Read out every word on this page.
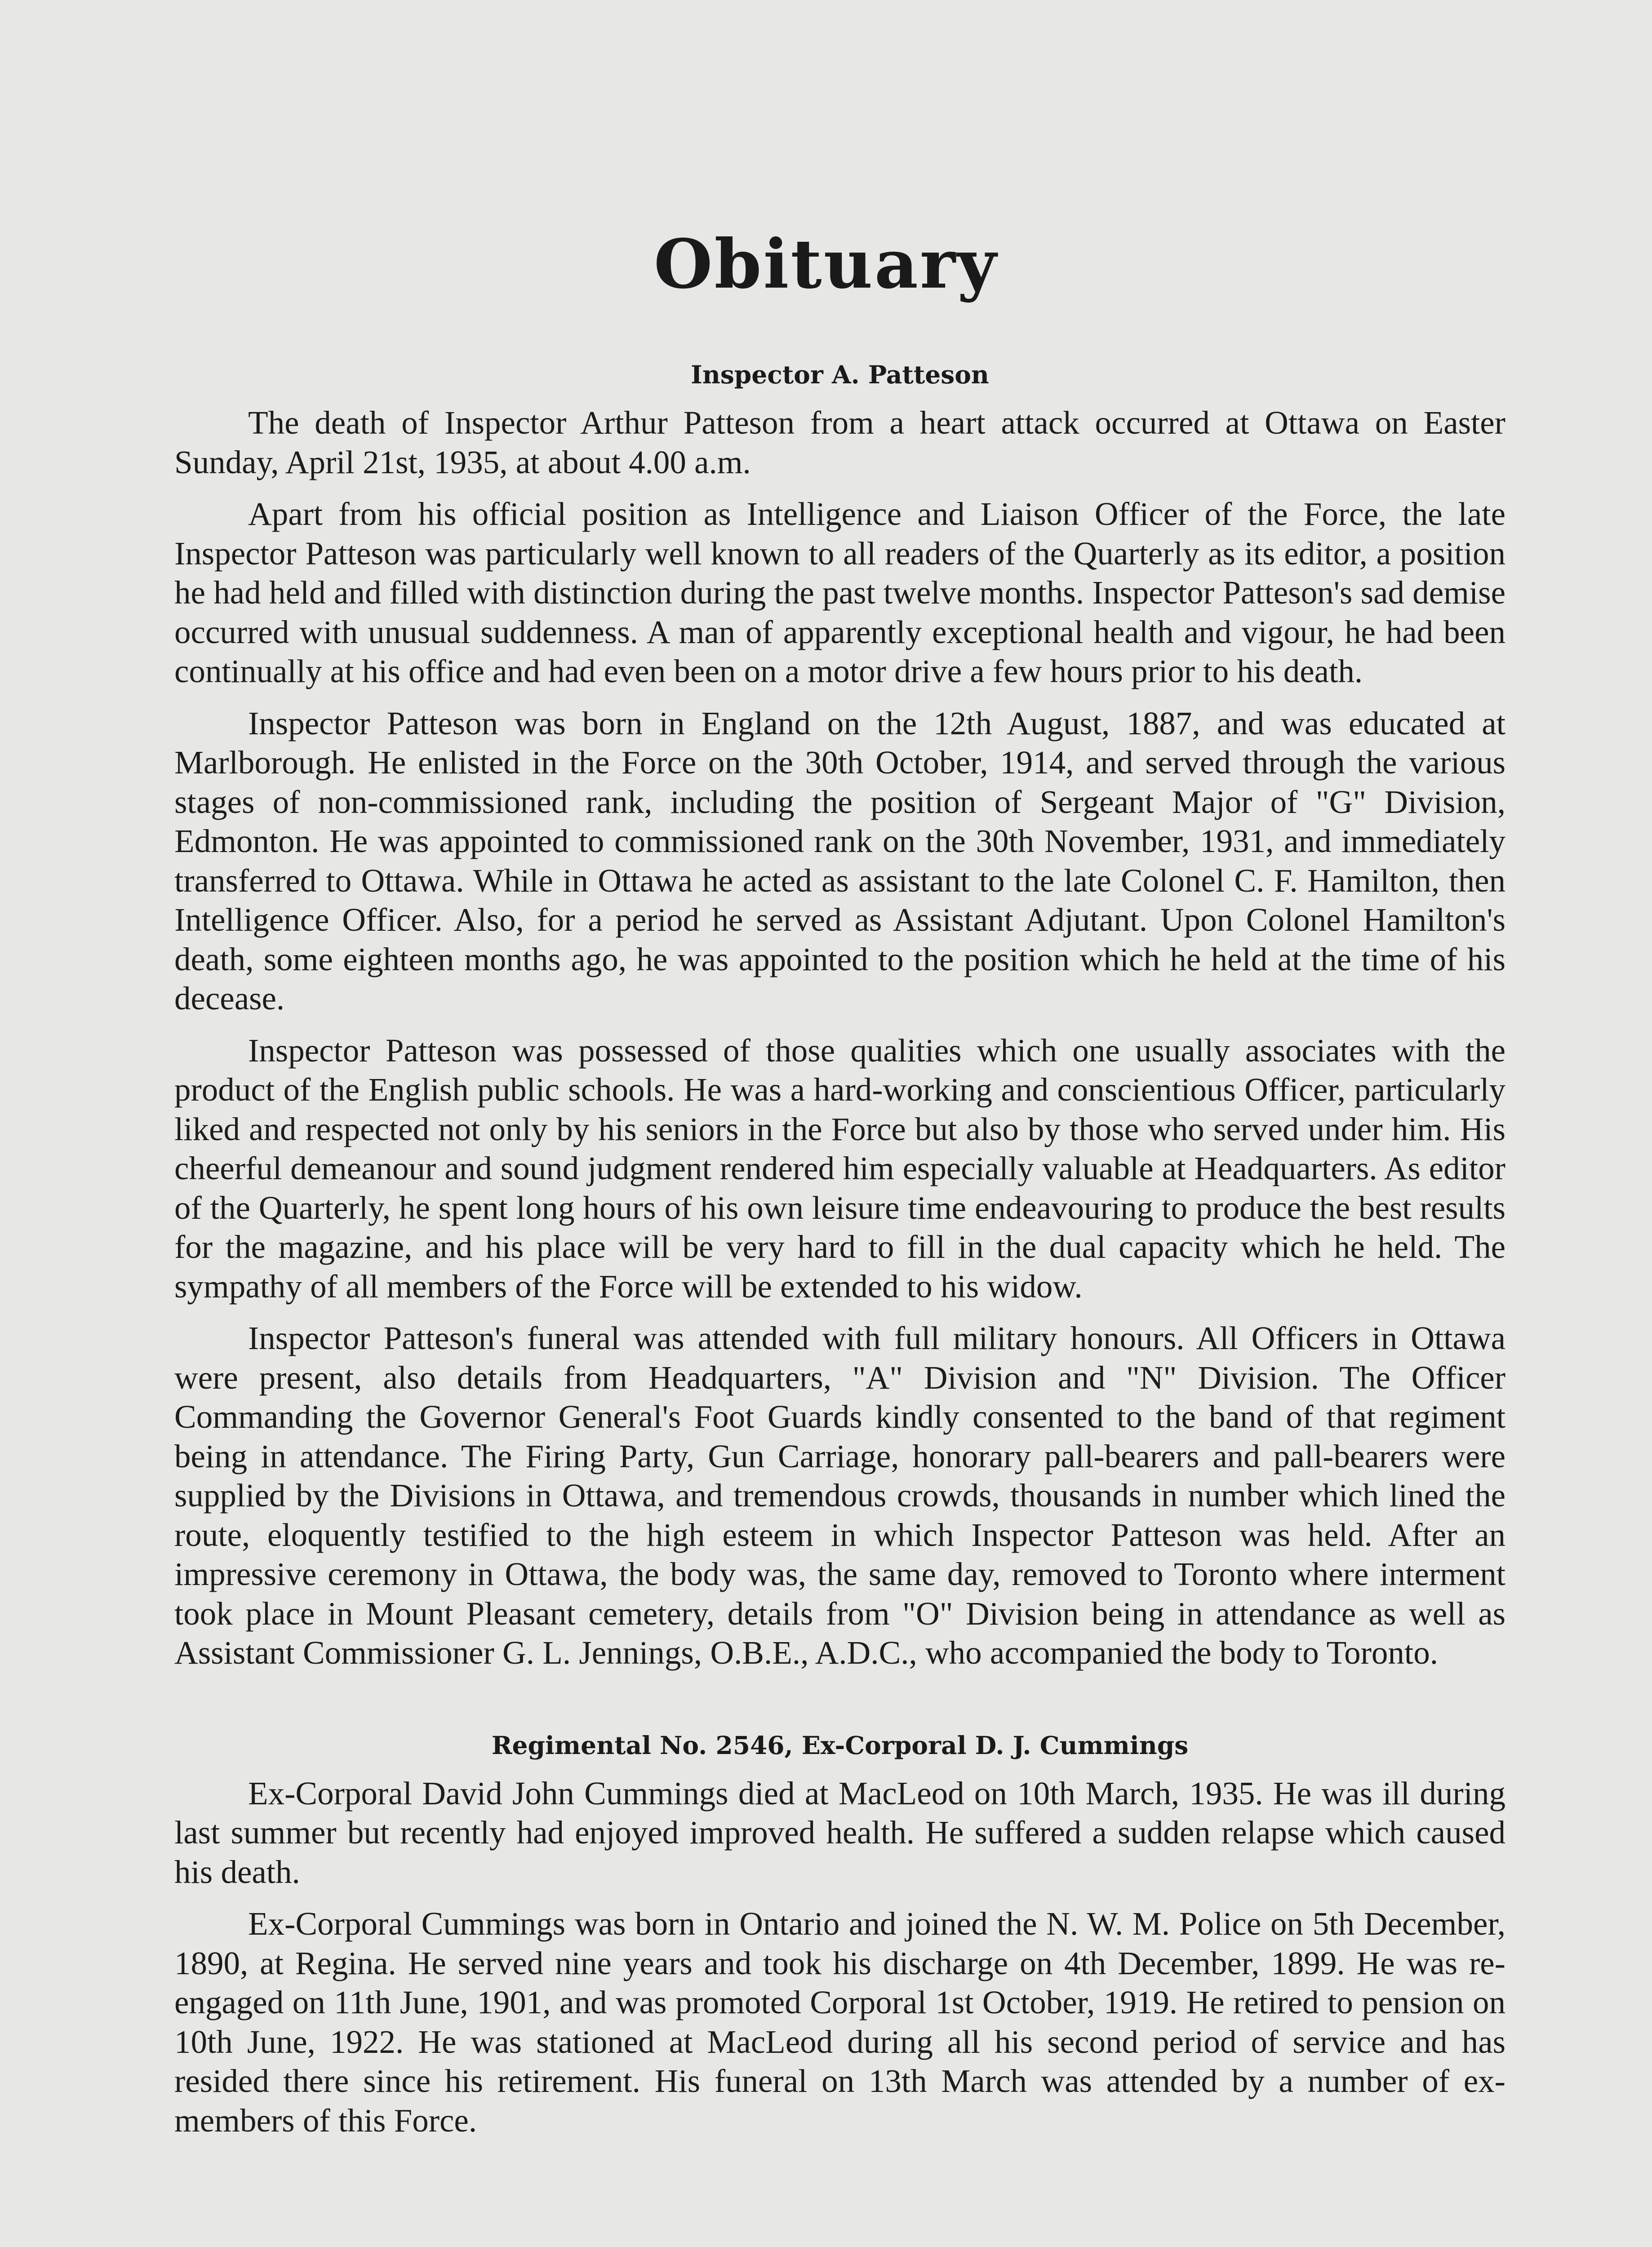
Obituary
Inspector A. Patteson

The death of Inspector Arthur Patteson from a heart attack occurred at Ottawa on Easter Sunday, April 21st, 1935, at about 4.00 a.m.

Apart from his official position as Intelligence and Liaison Officer of the Force, the late Inspector Patteson was particularly well known to all readers of the Quarterly as its editor, a position he had held and filled with distinction during the past twelve months. Inspector Patteson's sad demise occurred with unusual suddenness. A man of apparently exceptional health and vigour, he had been continually at his office and had even been on a motor drive a few hours prior to his death.

Inspector Patteson was born in England on the 12th August, 1887, and was educated at Marlborough. He enlisted in the Force on the 30th October, 1914, and served through the various stages of non-commissioned rank, including the position of Sergeant Major of "G" Division, Edmonton. He was appointed to commissioned rank on the 30th November, 1931, and immediately transferred to Ottawa. While in Ottawa he acted as assistant to the late Colonel C. F. Hamilton, then Intelligence Officer. Also, for a period he served as Assistant Adjutant. Upon Colonel Hamilton's death, some eighteen months ago, he was appointed to the position which he held at the time of his decease.

Inspector Patteson was possessed of those qualities which one usually associates with the product of the English public schools. He was a hard-working and conscientious Officer, particularly liked and respected not only by his seniors in the Force but also by those who served under him. His cheerful demeanour and sound judgment rendered him especially valuable at Headquarters. As editor of the Quarterly, he spent long hours of his own leisure time endeavouring to produce the best results for the magazine, and his place will be very hard to fill in the dual capacity which he held. The sympathy of all members of the Force will be extended to his widow.

Inspector Patteson's funeral was attended with full military honours. All Officers in Ottawa were present, also details from Headquarters, "A" Division and "N" Division. The Officer Commanding the Governor General's Foot Guards kindly consented to the band of that regiment being in attendance. The Firing Party, Gun Carriage, honorary pall-bearers and pall-bearers were supplied by the Divisions in Ottawa, and tremendous crowds, thousands in number which lined the route, eloquently testified to the high esteem in which Inspector Patteson was held. After an impressive ceremony in Ottawa, the body was, the same day, removed to Toronto where interment took place in Mount Pleasant cemetery, details from "O" Division being in attendance as well as Assistant Commissioner G. L. Jennings, O.B.E., A.D.C., who accompanied the body to Toronto.

Regimental No. 2546, Ex-Corporal D. J. Cummings

Ex-Corporal David John Cummings died at MacLeod on 10th March, 1935. He was ill during last summer but recently had enjoyed improved health. He suffered a sudden relapse which caused his death.

Ex-Corporal Cummings was born in Ontario and joined the N. W. M. Police on 5th December, 1890, at Regina. He served nine years and took his discharge on 4th December, 1899. He was re-engaged on 11th June, 1901, and was promoted Corporal 1st October, 1919. He retired to pension on 10th June, 1922. He was stationed at MacLeod during all his second period of service and has resided there since his retirement. His funeral on 13th March was attended by a number of ex-members of this Force.
